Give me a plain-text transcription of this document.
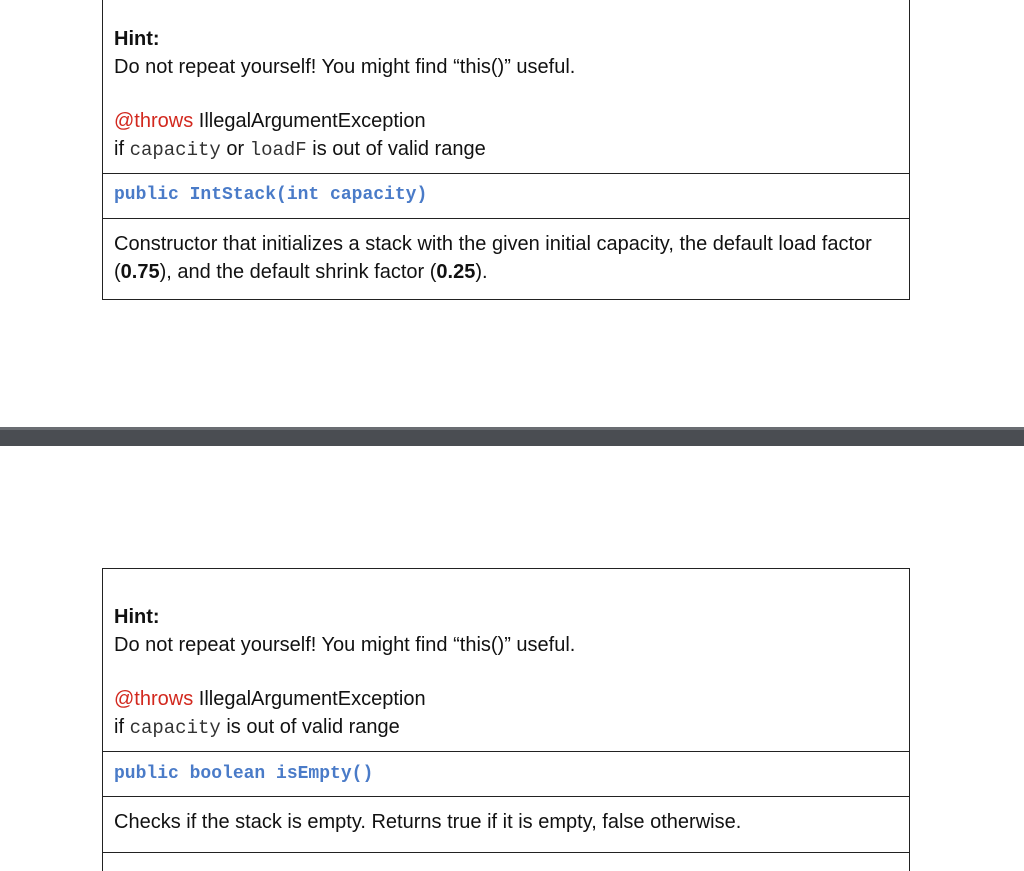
Hint:
Do not repeat yourself! You might find “this()” useful.
@throws IllegalArgumentException
if capacity or loadF is out of valid range
public IntStack(int capacity)
Constructor that initializes a stack with the given initial capacity, the default load factor (0.75), and the default shrink factor (0.25).
Hint:
Do not repeat yourself! You might find “this()” useful.
@throws IllegalArgumentException
if capacity is out of valid range
public boolean isEmpty()
Checks if the stack is empty. Returns true if it is empty, false otherwise.
